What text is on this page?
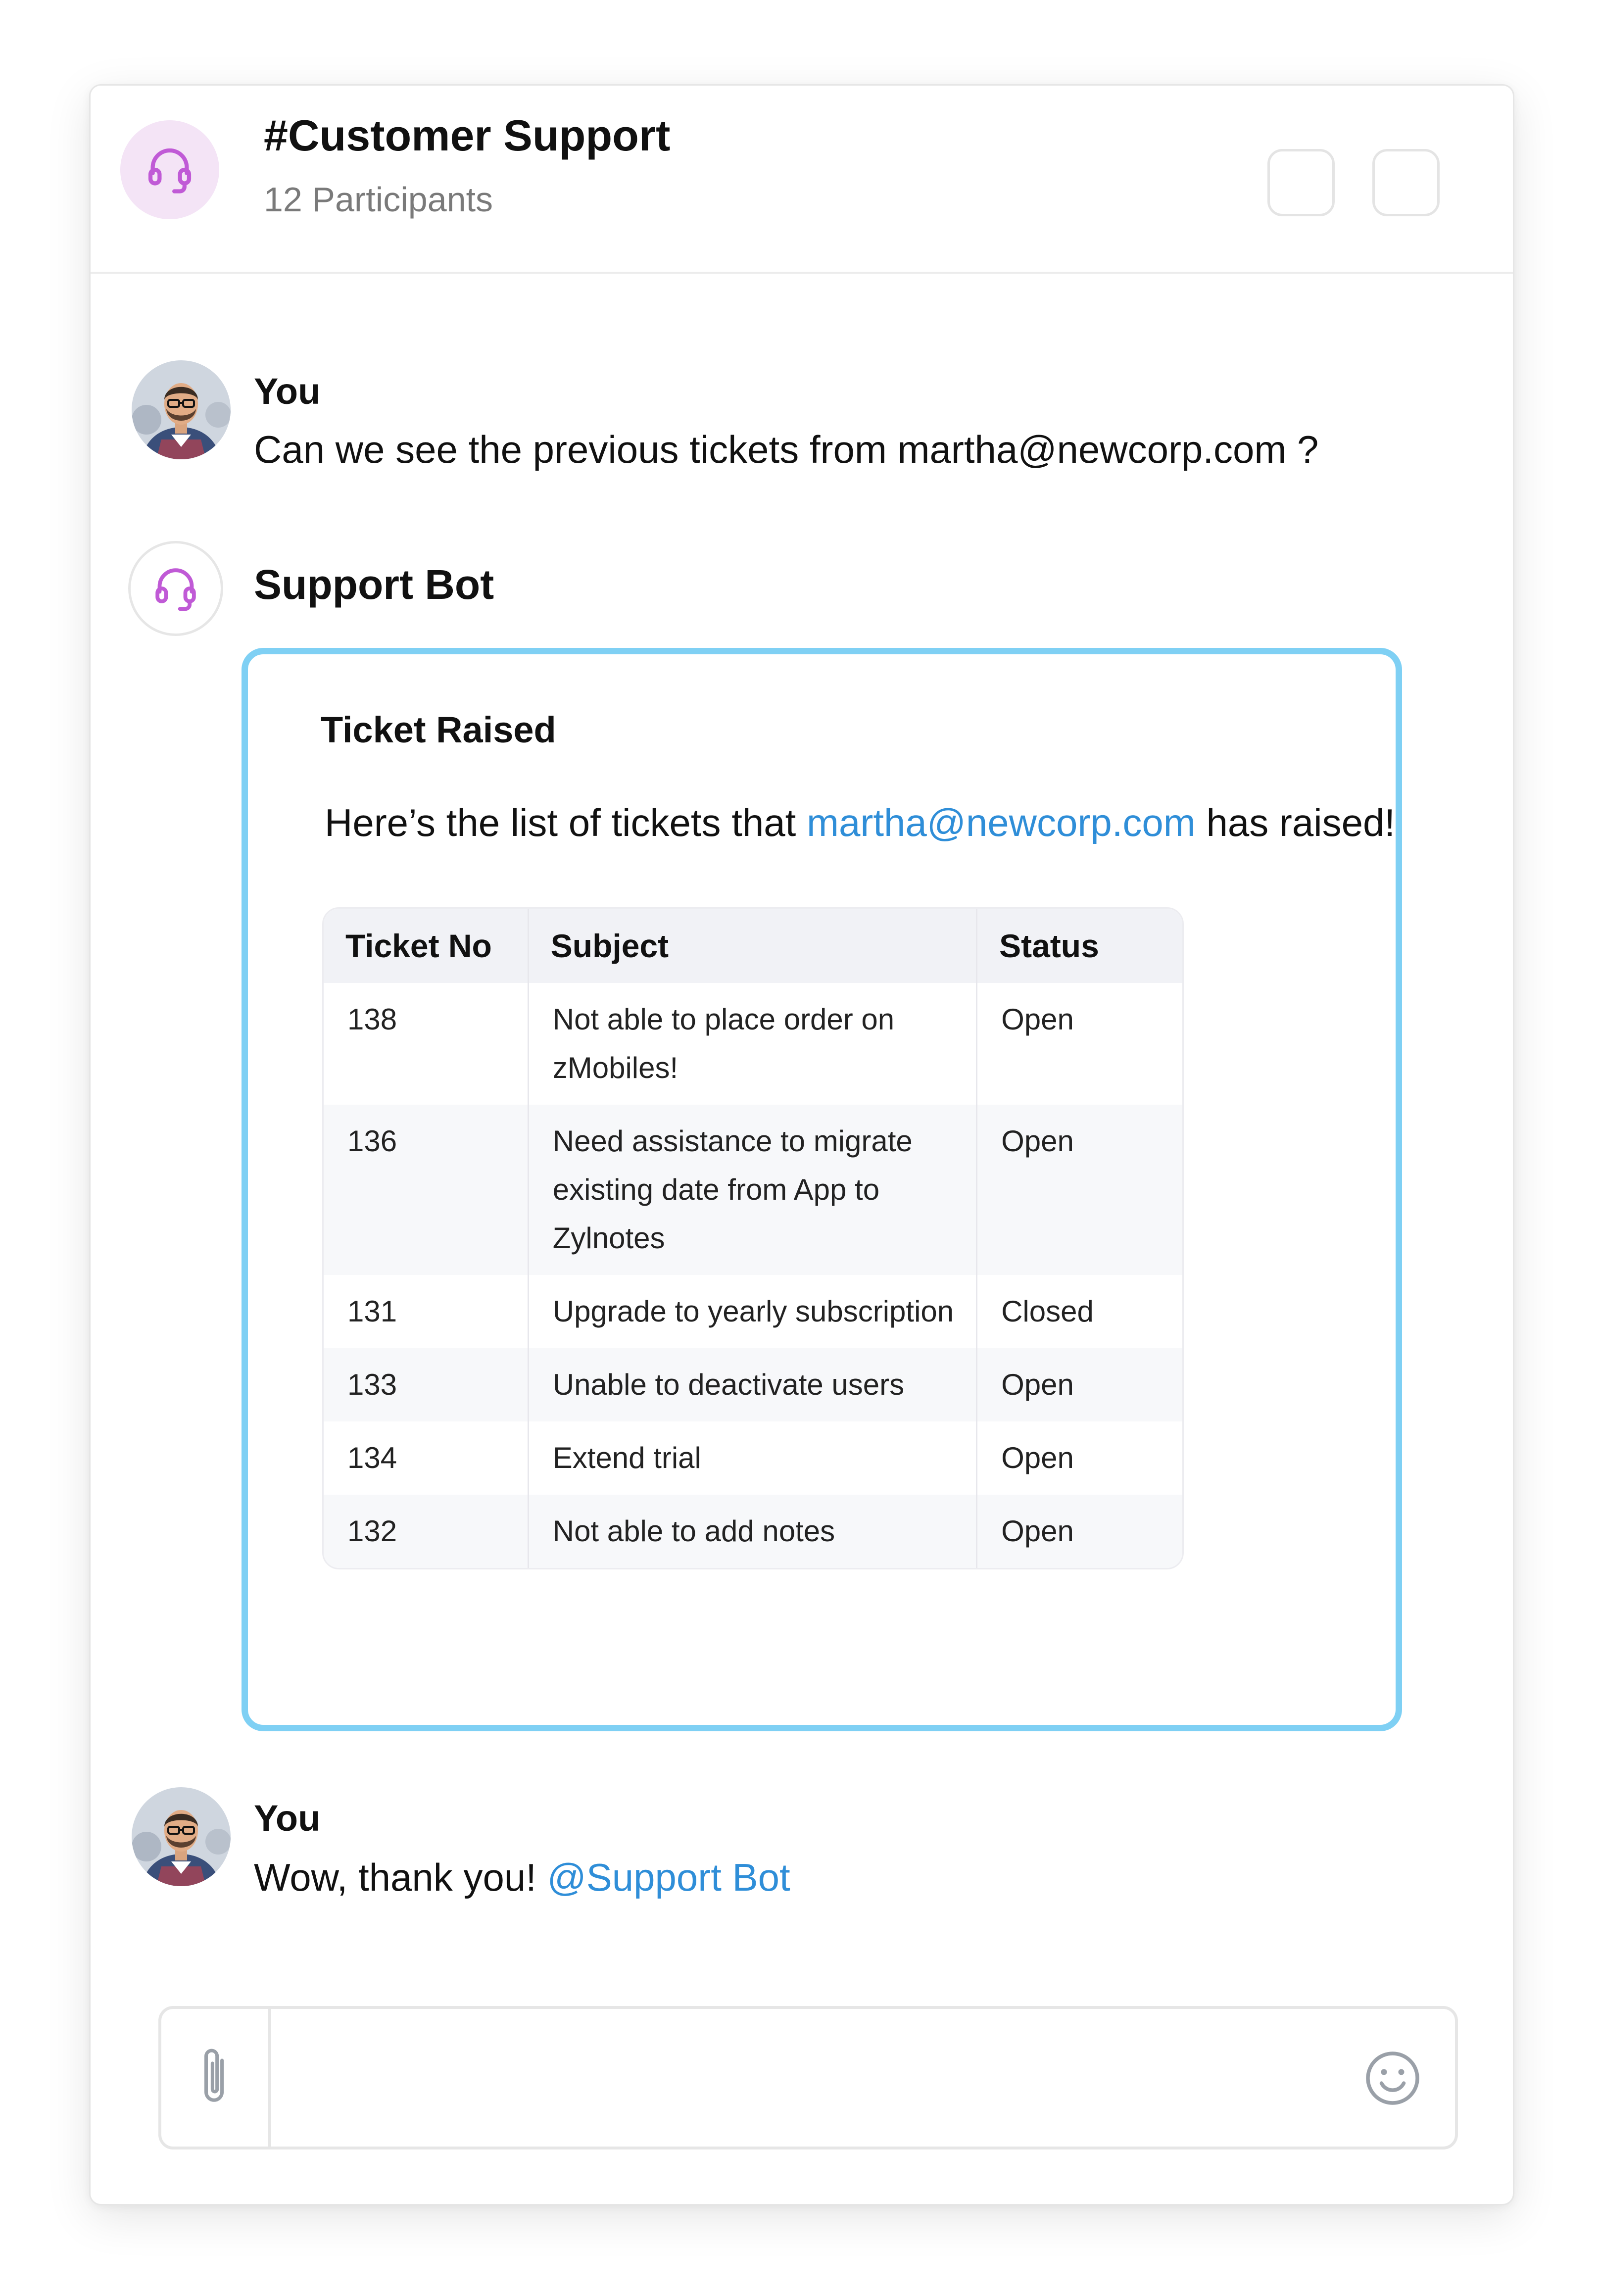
#Customer Support
12 Participants
You
Can we see the previous tickets from martha@newcorp.com ?
Support Bot
Ticket Raised
Here’s the list of tickets that martha@newcorp.com has raised!
Ticket No	Subject	Status
138	Not able to place order on zMobiles!	Open
136	Need assistance to migrate existing date from App to Zylnotes	Open
131	Upgrade to yearly subscription	Closed
133	Unable to deactivate users	Open
134	Extend trial	Open
132	Not able to add notes	Open
You
Wow, thank you! @Support Bot
